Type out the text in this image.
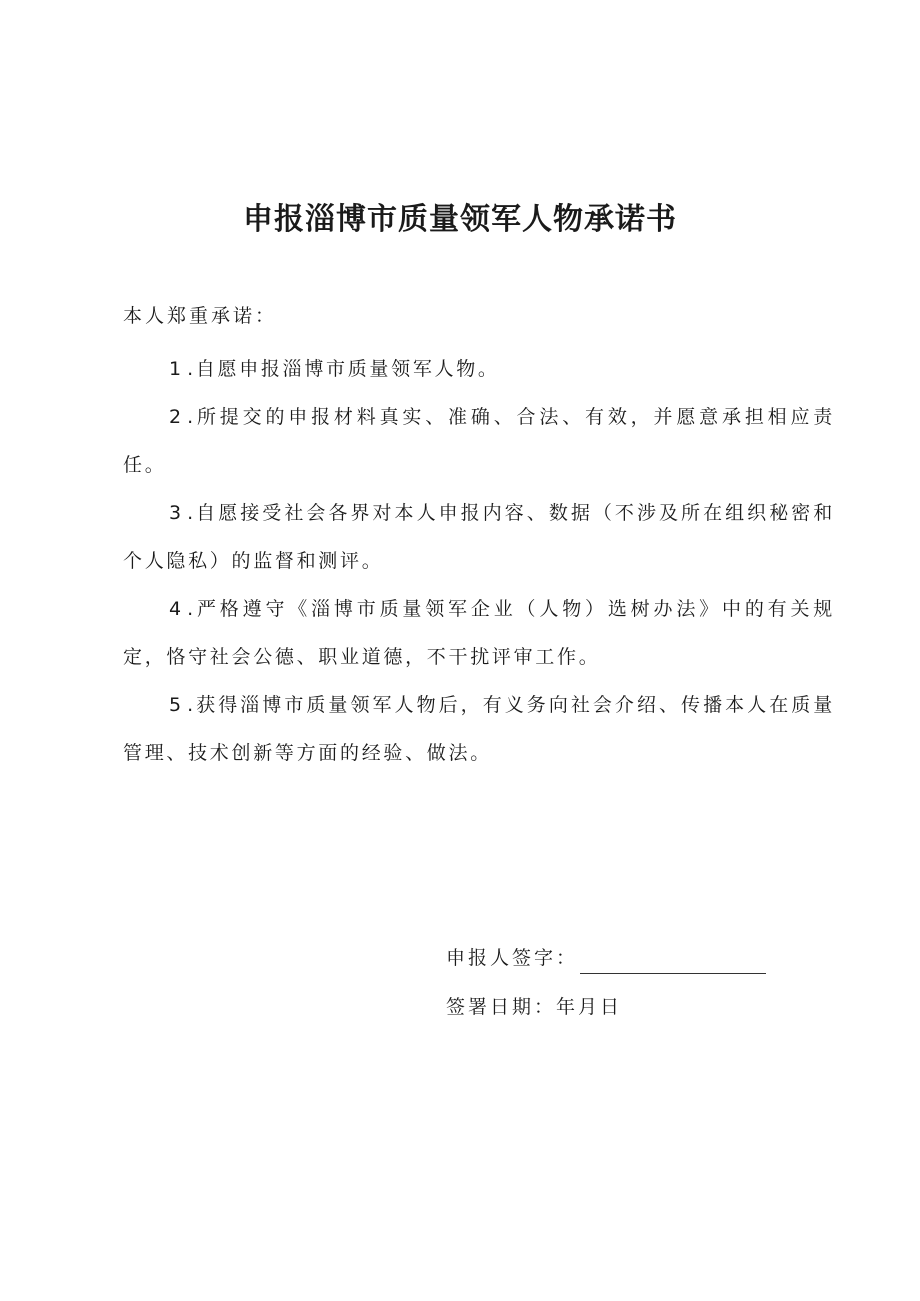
申报淄博市质量领军人物承诺书
本人郑重承诺：

1.自愿申报淄博市质量领军人物。

2.所提交的申报材料真实、准确、合法、有效，并愿意承担相应责任。

3.自愿接受社会各界对本人申报内容、数据（不涉及所在组织秘密和个人隐私）的监督和测评。

4.严格遵守《淄博市质量领军企业（人物）选树办法》中的有关规定，恪守社会公德、职业道德，不干扰评审工作。

5.获得淄博市质量领军人物后，有义务向社会介绍、传播本人在质量管理、技术创新等方面的经验、做法。

申报人签字：
签署日期：年月日
